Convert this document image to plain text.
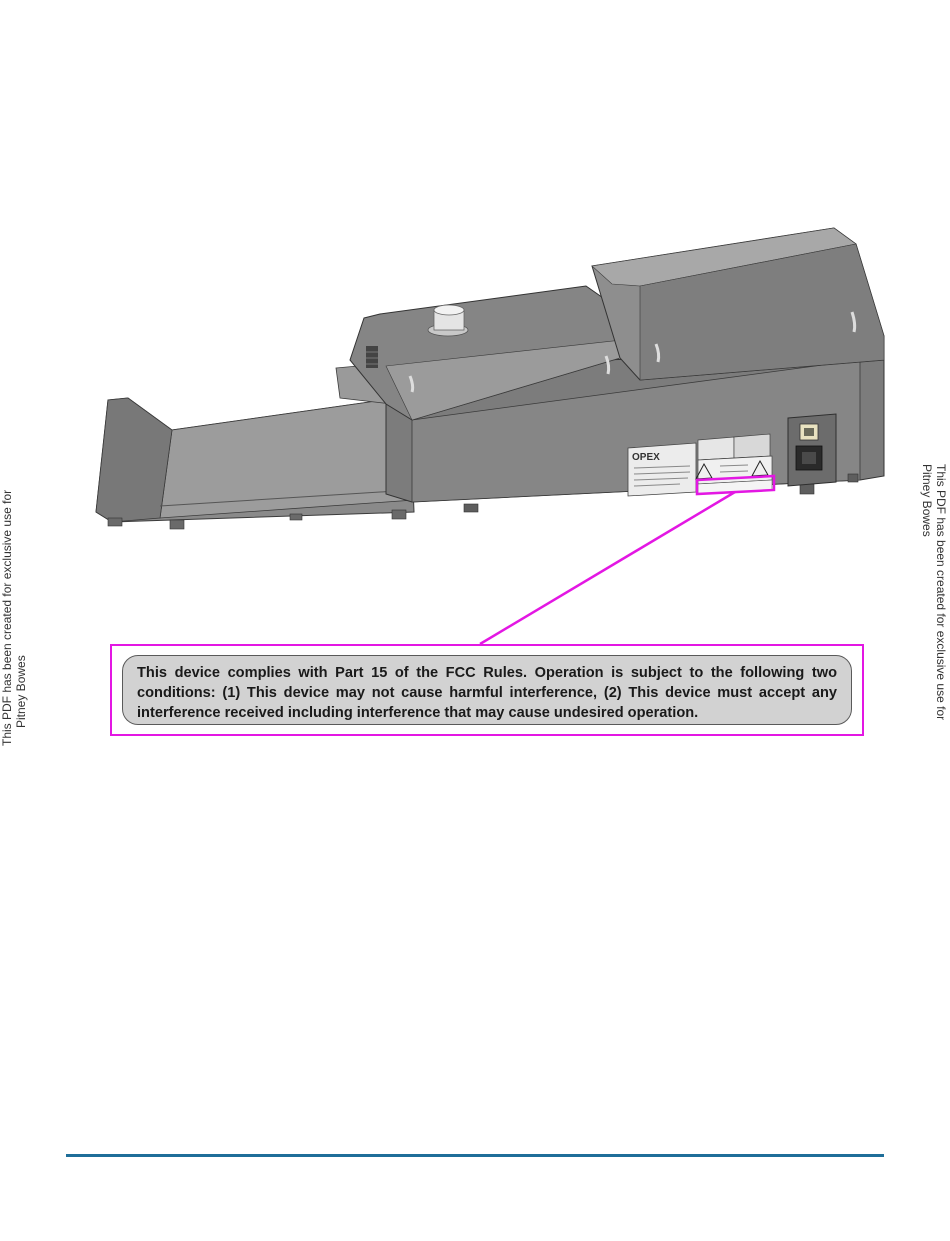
This PDF has been created for exclusive use for Pitney Bowes	This PDF has been created for exclusive use for
Pitney Bowes
OPEX
This device complies with Part 15 of the FCC Rules. Operation is subject to the following two conditions: (1) This device may not cause harmful interference, (2) This device must accept any interference received including interference that may cause undesired operation.
